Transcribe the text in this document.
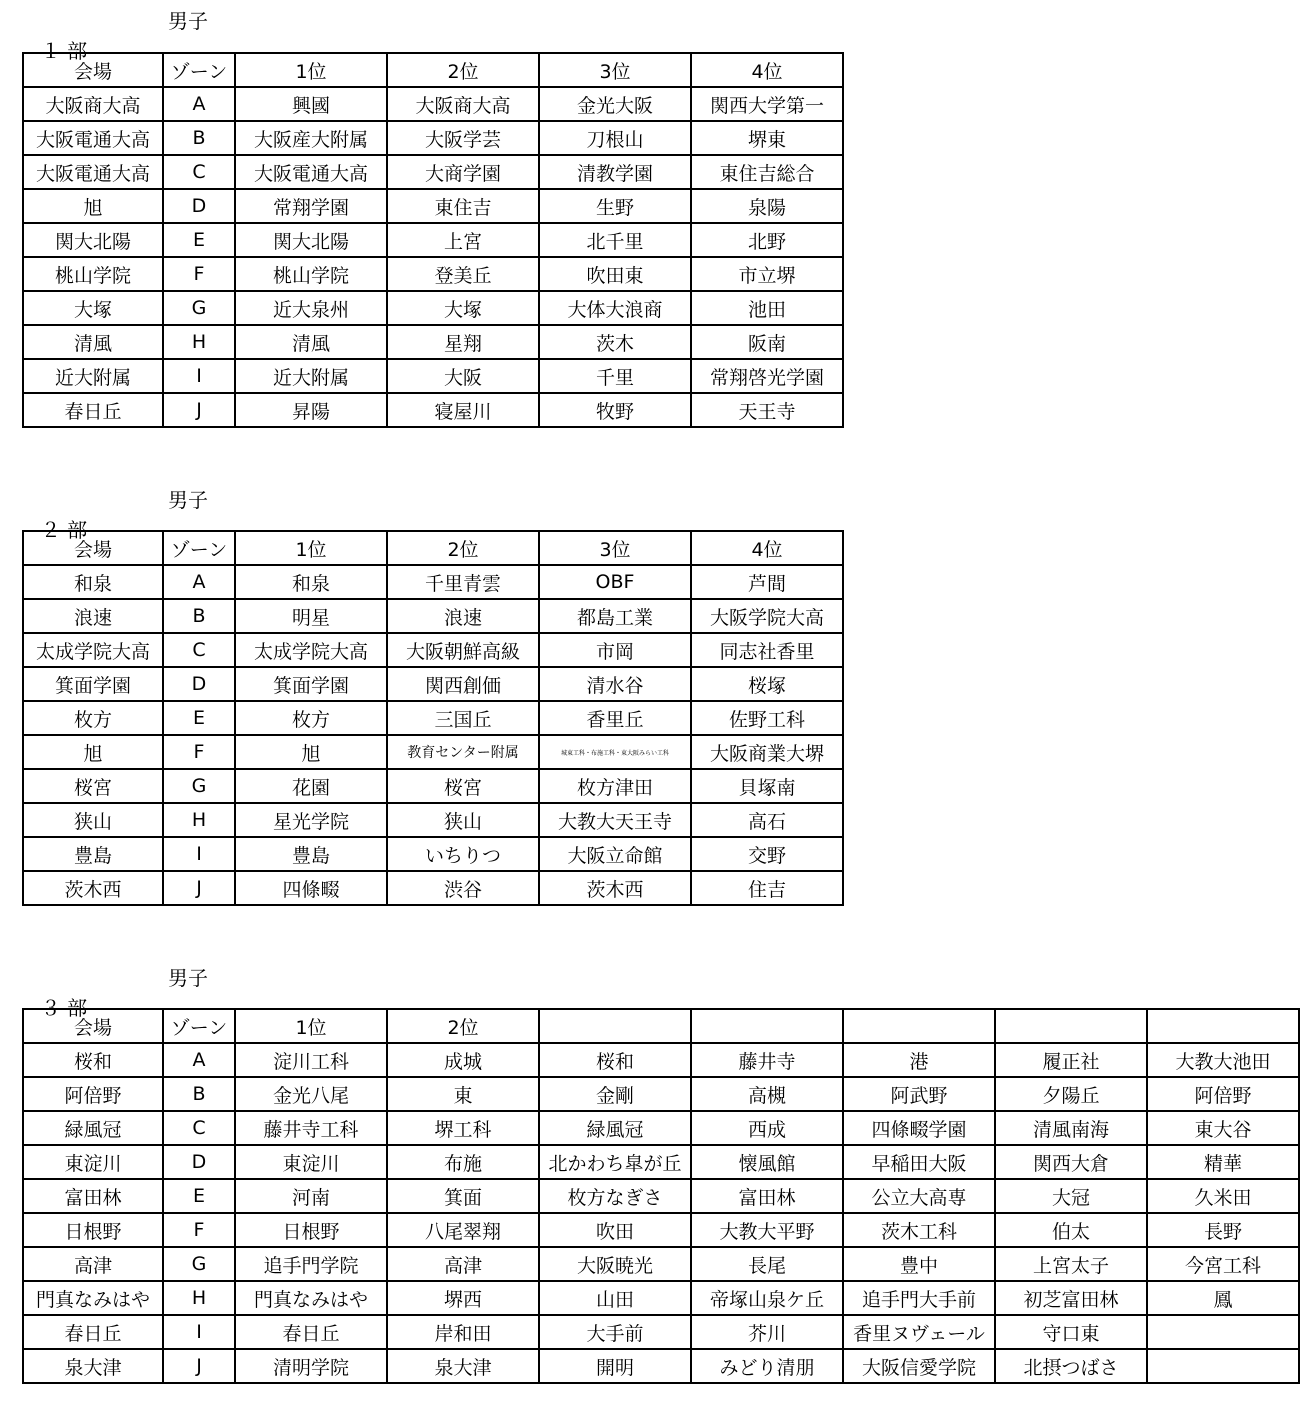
１ 部

男子

会場	ゾーン	1位	2位	3位	4位
大阪商大高	A	興國	大阪商大高	金光大阪	関西大学第一
大阪電通大高	B	大阪産大附属	大阪学芸	刀根山	堺東
大阪電通大高	C	大阪電通大高	大商学園	清教学園	東住吉総合
旭	D	常翔学園	東住吉	生野	泉陽
関大北陽	E	関大北陽	上宮	北千里	北野
桃山学院	F	桃山学院	登美丘	吹田東	市立堺
大塚	G	近大泉州	大塚	大体大浪商	池田
清風	H	清風	星翔	茨木	阪南
近大附属	I	近大附属	大阪	千里	常翔啓光学園
春日丘	J	昇陽	寝屋川	牧野	天王寺

２ 部

男子

会場	ゾーン	1位	2位	3位	4位
和泉	A	和泉	千里青雲	OBF	芦間
浪速	B	明星	浪速	都島工業	大阪学院大高
太成学院大高	C	太成学院大高	大阪朝鮮高級	市岡	同志社香里
箕面学園	D	箕面学園	関西創価	清水谷	桜塚
枚方	E	枚方	三国丘	香里丘	佐野工科
旭	F	旭	教育センター附属	城東工科・布施工科・東大阪みらい工科	大阪商業大堺
桜宮	G	花園	桜宮	枚方津田	貝塚南
狭山	H	星光学院	狭山	大教大天王寺	高石
豊島	I	豊島	いちりつ	大阪立命館	交野
茨木西	J	四條畷	渋谷	茨木西	住吉

３ 部

男子

会場	ゾーン	1位	2位					
桜和	A	淀川工科	成城	桜和	藤井寺	港	履正社	大教大池田
阿倍野	B	金光八尾	東	金剛	高槻	阿武野	夕陽丘	阿倍野
緑風冠	C	藤井寺工科	堺工科	緑風冠	西成	四條畷学園	清風南海	東大谷
東淀川	D	東淀川	布施	北かわち皐が丘	懐風館	早稲田大阪	関西大倉	精華
富田林	E	河南	箕面	枚方なぎさ	富田林	公立大高専	大冠	久米田
日根野	F	日根野	八尾翠翔	吹田	大教大平野	茨木工科	伯太	長野
高津	G	追手門学院	高津	大阪暁光	長尾	豊中	上宮太子	今宮工科
門真なみはや	H	門真なみはや	堺西	山田	帝塚山泉ケ丘	追手門大手前	初芝富田林	鳳
春日丘	I	春日丘	岸和田	大手前	芥川	香里ヌヴェール	守口東	
泉大津	J	清明学院	泉大津	開明	みどり清朋	大阪信愛学院	北摂つばさ	
